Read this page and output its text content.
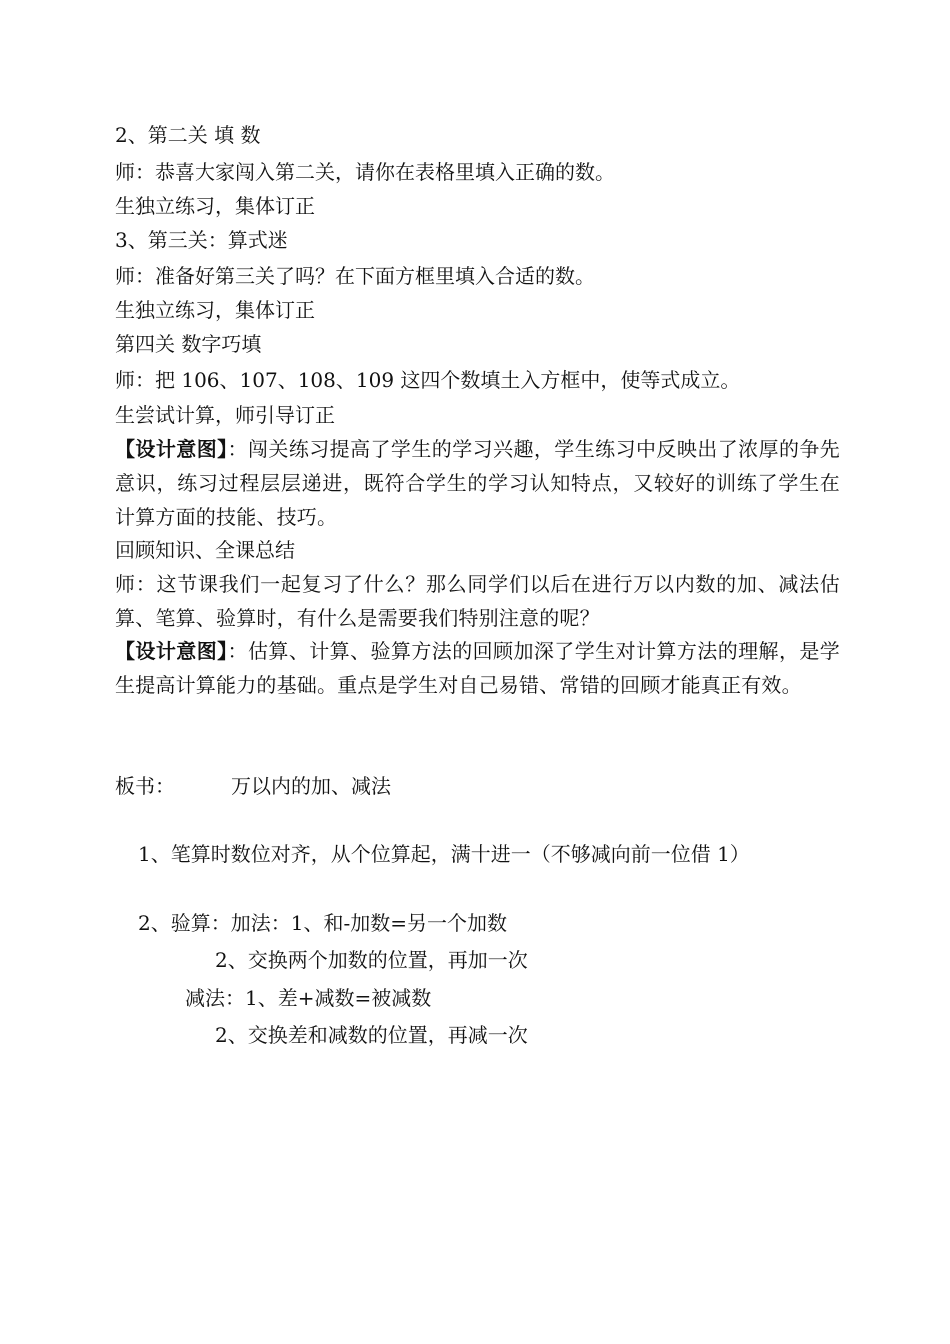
2、第二关 填 数
师：恭喜大家闯入第二关，请你在表格里填入正确的数。
生独立练习，集体订正
3、第三关：算式迷
师：准备好第三关了吗？在下面方框里填入合适的数。
生独立练习，集体订正
第四关 数字巧填
师：把 106、107、108、109 这四个数填土入方框中，使等式成立。
生尝试计算，师引导订正
【设计意图】：闯关练习提高了学生的学习兴趣，学生练习中反映出了浓厚的争先意识，练习过程层层递进，既符合学生的学习认知特点，又较好的训练了学生在计算方面的技能、技巧。
回顾知识、全课总结
师：这节课我们一起复习了什么？那么同学们以后在进行万以内数的加、减法估算、笔算、验算时，有什么是需要我们特别注意的呢？
【设计意图】：估算、计算、验算方法的回顾加深了学生对计算方法的理解，是学生提高计算能力的基础。重点是学生对自己易错、常错的回顾才能真正有效。
板书：	万以内的加、减法
1、笔算时数位对齐，从个位算起，满十进一（不够减向前一位借 1）
2、验算：加法：1、和-加数=另一个加数
2、交换两个加数的位置，再加一次
减法：1、差+减数=被减数
2、交换差和减数的位置，再减一次
